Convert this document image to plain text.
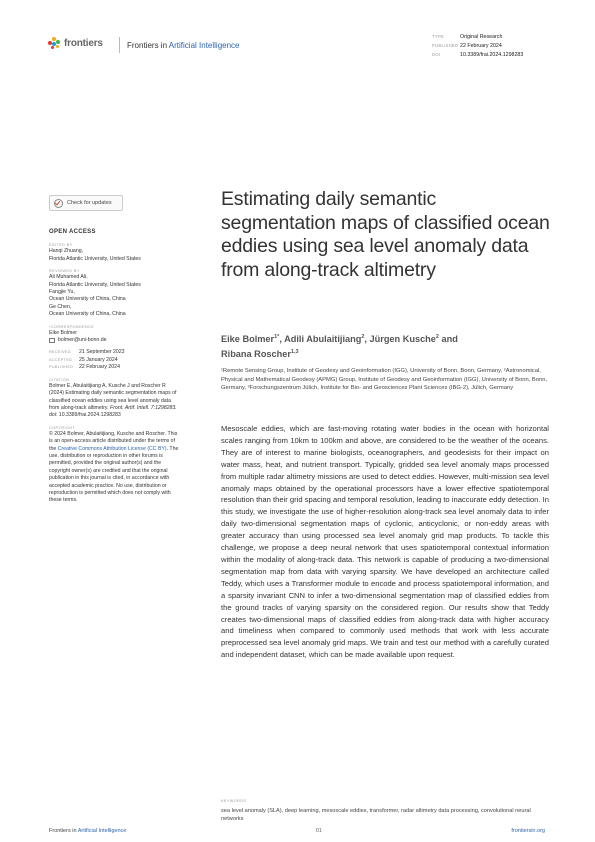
frontiers	Frontiers in Artificial Intelligence
TYPE	Original Research
PUBLISHED 22 February 2024
DOI	10.3389/frai.2024.1298283
Check for updates
OPEN ACCESS
EDITED BY
Hanqi Zhuang,
Florida Atlantic University, United States
REVIEWED BY
Ali Muhamed Ali,
Florida Atlantic University, United States
Fangjie Yu,
Ocean University of China, China
Ge Chen,
Ocean University of China, China
*CORRESPONDENCE
Eike Bolmer
bolmer@uni-bonn.de
RECEIVED	21 September 2023
ACCEPTED	25 January 2024
PUBLISHED	22 February 2024
CITATION
Bolmer E, Abulaitijiang A, Kusche J and Roscher R (2024) Estimating daily semantic segmentation maps of classified ocean eddies using sea level anomaly data from along-track altimetry. Front. Artif. Intell. 7:1298283. doi: 10.3389/frai.2024.1298283
COPYRIGHT
© 2024 Bolmer, Abulaitijiang, Kusche and Roscher. This is an open-access article distributed under the terms of the Creative Commons Attribution License (CC BY). The use, distribution or reproduction in other forums is permitted, provided the original author(s) and the copyright owner(s) are credited and that the original publication in this journal is cited, in accordance with accepted academic practice. No use, distribution or reproduction is permitted which does not comply with these terms.
Estimating daily semantic segmentation maps of classified ocean eddies using sea level anomaly data from along-track altimetry
Eike Bolmer$^{1*}$, Adili Abulaitijiang$^2$, Jürgen Kusche$^2$ and
Ribana Roscher$^{1,3}$
¹Remote Sensing Group, Institute of Geodesy and Geoinformation (IGG), University of Bonn, Bonn, Germany, ²Astronomical, Physical and Mathematical Geodesy (APMG) Group, Institute of Geodesy and Geoinformation (IGG), University of Bonn, Bonn, Germany, ³Forschungszentrum Jülich, Institute for Bio- and Geosciences Plant Sciences (IBG-2), Jülich, Germany
Mesoscale eddies, which are fast-moving rotating water bodies in the ocean with horizontal scales ranging from 10km to 100km and above, are considered to be the weather of the oceans. They are of interest to marine biologists, oceanographers, and geodesists for their impact on water mass, heat, and nutrient transport. Typically, gridded sea level anomaly maps processed from multiple radar altimetry missions are used to detect eddies. However, multi-mission sea level anomaly maps obtained by the operational processors have a lower effective spatiotemporal resolution than their grid spacing and temporal resolution, leading to inaccurate eddy detection. In this study, we investigate the use of higher-resolution along-track sea level anomaly data to infer daily two-dimensional segmentation maps of cyclonic, anticyclonic, or non-eddy areas with greater accuracy than using processed sea level anomaly grid map products. To tackle this challenge, we propose a deep neural network that uses spatiotemporal contextual information within the modality of along-track data. This network is capable of producing a two-dimensional segmentation map from data with varying sparsity. We have developed an architecture called Teddy, which uses a Transformer module to encode and process spatiotemporal information, and a sparsity invariant CNN to infer a two-dimensional segmentation map of classified eddies from the ground tracks of varying sparsity on the considered region. Our results show that Teddy creates two-dimensional maps of classified eddies from along-track data with higher accuracy and timeliness when compared to commonly used methods that work with less accurate preprocessed sea level anomaly grid maps. We train and test our method with a carefully curated and independent dataset, which can be made available upon request.
KEYWORDS
sea level anomaly (SLA), deep learning, mesoscale eddies, transformer, radar altimetry data processing, convolutional neural networks
Frontiers in Artificial Intelligence	01	frontiersin.org
